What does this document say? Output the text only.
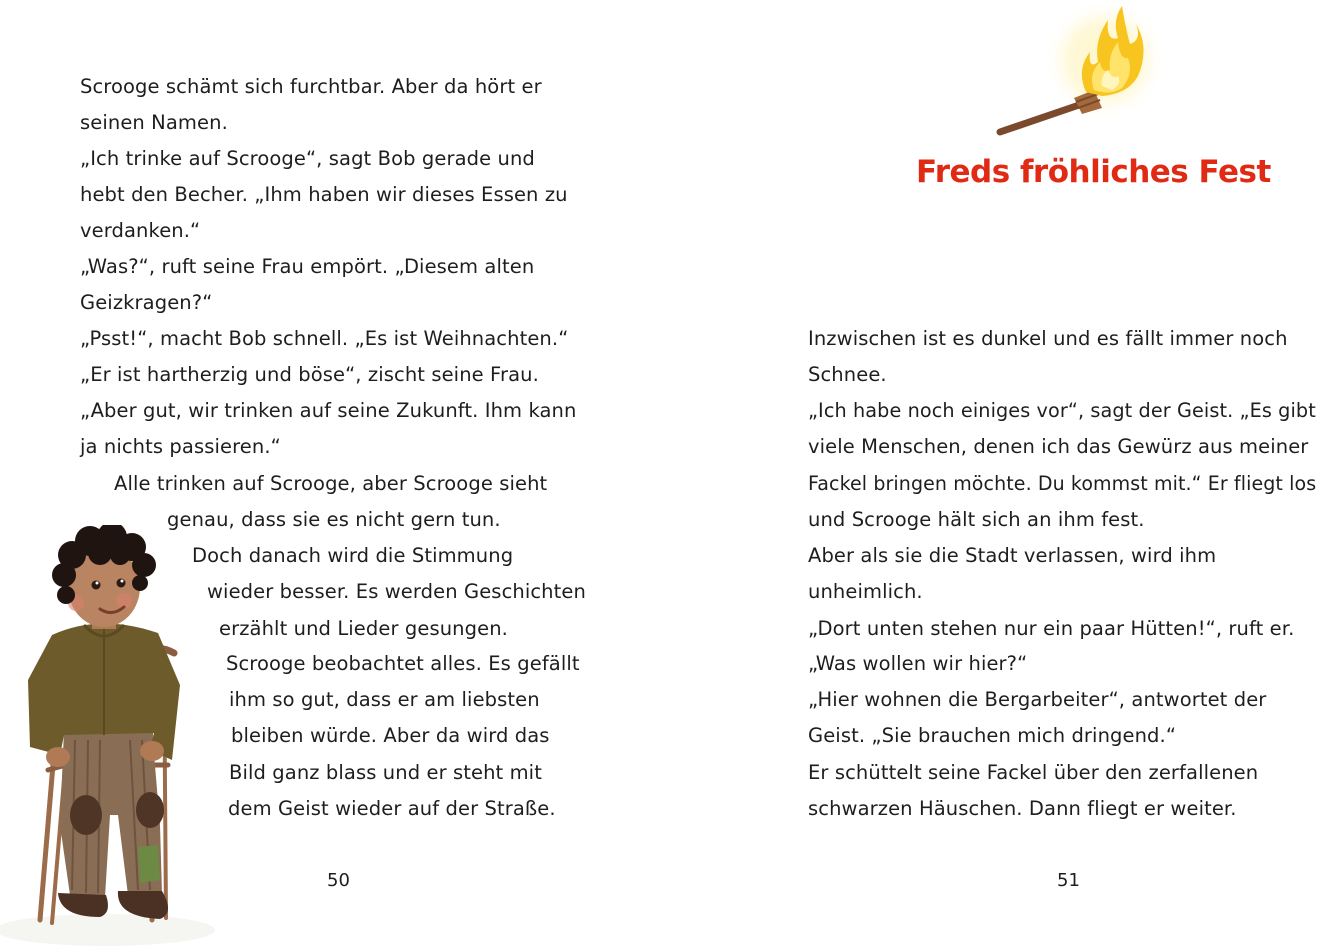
Scrooge schämt sich furchtbar. Aber da hört er

seinen Namen.

„Ich trinke auf Scrooge“, sagt Bob gerade und

hebt den Becher. „Ihm haben wir dieses Essen zu

verdanken.“

„Was?“, ruft seine Frau empört. „Diesem alten

Geizkragen?“

„Psst!“, macht Bob schnell. „Es ist Weihnachten.“

„Er ist hartherzig und böse“, zischt seine Frau.

„Aber gut, wir trinken auf seine Zukunft. Ihm kann

ja nichts passieren.“

Alle trinken auf Scrooge, aber Scrooge sieht

genau, dass sie es nicht gern tun.

Doch danach wird die Stimmung

wieder besser. Es werden Geschichten

erzählt und Lieder gesungen.

Scrooge beobachtet alles. Es gefällt

ihm so gut, dass er am liebsten

bleiben würde. Aber da wird das

Bild ganz blass und er steht mit

dem Geist wieder auf der Straße.

50

Freds fröhliches Fest

Inzwischen ist es dunkel und es fällt immer noch

Schnee.

„Ich habe noch einiges vor“, sagt der Geist. „Es gibt

viele Menschen, denen ich das Gewürz aus meiner

Fackel bringen möchte. Du kommst mit.“ Er fliegt los

und Scrooge hält sich an ihm fest.

Aber als sie die Stadt verlassen, wird ihm

unheimlich.

„Dort unten stehen nur ein paar Hütten!“, ruft er.

„Was wollen wir hier?“

„Hier wohnen die Bergarbeiter“, antwortet der

Geist. „Sie brauchen mich dringend.“

Er schüttelt seine Fackel über den zerfallenen

schwarzen Häuschen. Dann fliegt er weiter.

51
